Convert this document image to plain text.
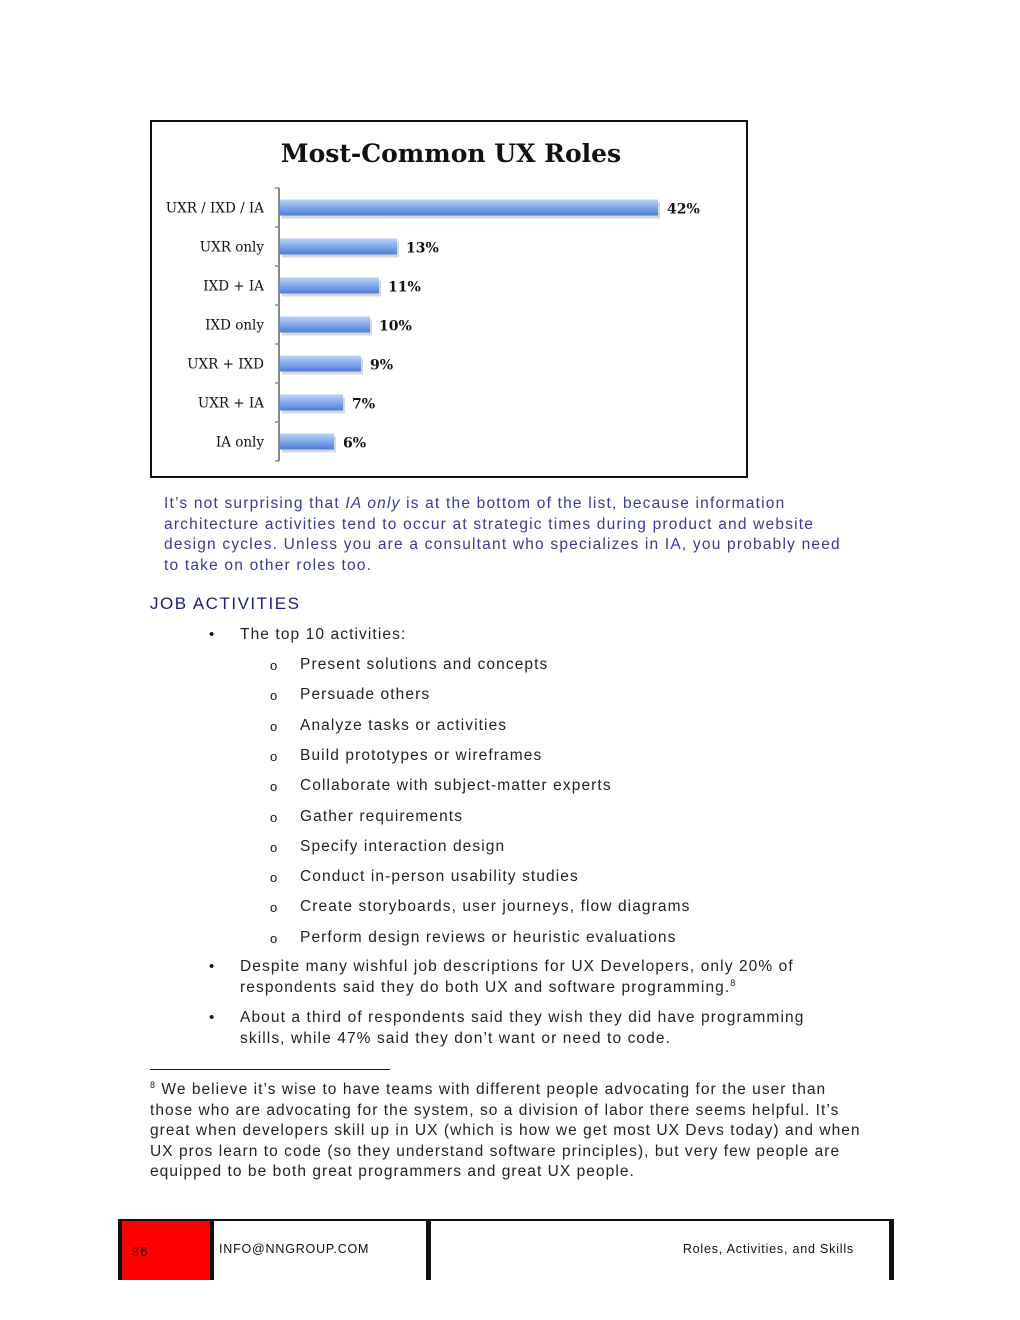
Most-Common UX Roles
UXR / IXD / IA	42%
UXR only	13%
IXD + IA	11%
IXD only	10%
UXR + IXD	9%
UXR + IA	7%
IA only	6%
It’s not surprising that IA only is at the bottom of the list, because information architecture activities tend to occur at strategic times during product and website design cycles. Unless you are a consultant who specializes in IA, you probably need to take on other roles too.
JOB ACTIVITIES
• The top 10 activities:
o Present solutions and concepts
o Persuade others
o Analyze tasks or activities
o Build prototypes or wireframes
o Collaborate with subject-matter experts
o Gather requirements
o Specify interaction design
o Conduct in-person usability studies
o Create storyboards, user journeys, flow diagrams
o Perform design reviews or heuristic evaluations
• Despite many wishful job descriptions for UX Developers, only 20% of respondents said they do both UX and software programming.$^8$
• About a third of respondents said they wish they did have programming skills, while 47% said they don’t want or need to code.
$^8$ We believe it’s wise to have teams with different people advocating for the user than those who are advocating for the system, so a division of labor there seems helpful. It’s great when developers skill up in UX (which is how we get most UX Devs today) and when UX pros learn to code (so they understand software principles), but very few people are equipped to be both great programmers and great UX people.
36	INFO@NNGROUP.COM	Roles, Activities, and Skills
